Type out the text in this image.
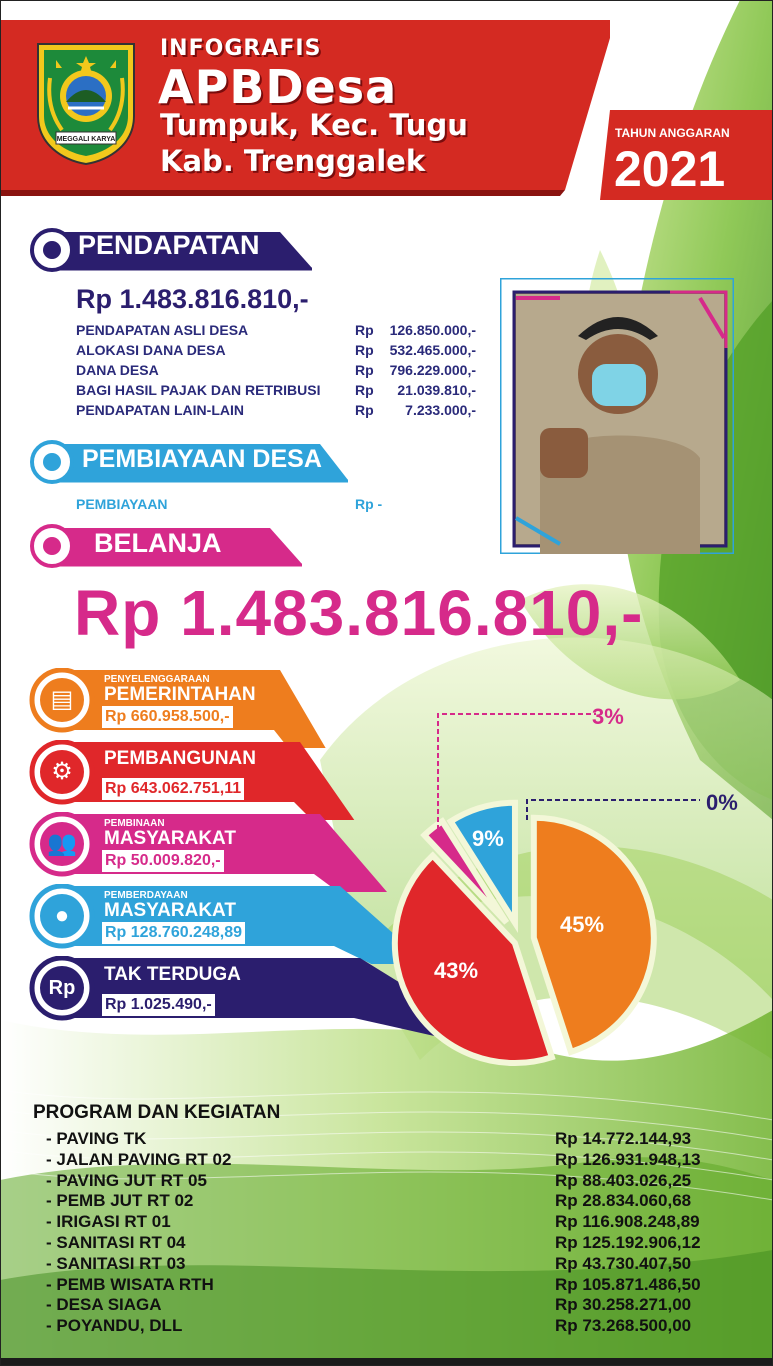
MEGGALI KARYA
INFOGRAFIS
APBDesa
Tumpuk, Kec. Tugu
Kab. Trenggalek
TAHUN ANGGARAN
2021
PENDAPATAN
Rp 1.483.816.810,-
PENDAPATAN ASLI DESA	Rp	126.850.000,-
ALOKASI DANA DESA	Rp	532.465.000,-
DANA DESA	Rp	796.229.000,-
BAGI HASIL PAJAK DAN RETRIBUSI Rp	21.039.810,-
PENDAPATAN LAIN-LAIN	Rp	7.233.000,-
PEMBIAYAAN DESA
PEMBIAYAAN	Rp -
BELANJA
Rp 1.483.816.810,-
▤
PENYELENGGARAAN
PEMERINTAHAN
Rp 660.958.500,-
⚙	PEMBANGUNAN
Rp 643.062.751,11
👥
PEMBINAAN
MASYARAKAT
Rp 50.009.820,-
●
PEMBERDAYAAN
MASYARAKAT
Rp 128.760.248,89
Rp
TAK TERDUGA
Rp 1.025.490,-
PROGRAM DAN KEGIATAN
- PAVING TK	Rp 14.772.144,93
- JALAN PAVING RT 02	Rp 126.931.948,13
- PAVING JUT RT 05	Rp 88.403.026,25
- PEMB JUT RT 02	Rp 28.834.060,68
- IRIGASI RT 01	Rp 116.908.248,89
- SANITASI RT 04	Rp 125.192.906,12
- SANITASI RT 03	Rp 43.730.407,50
- PEMB WISATA RTH	Rp 105.871.486,50
- DESA SIAGA	Rp 30.258.271,00
- POYANDU, DLL	Rp 73.268.500,00
45%
43%
3%
9%
0%
